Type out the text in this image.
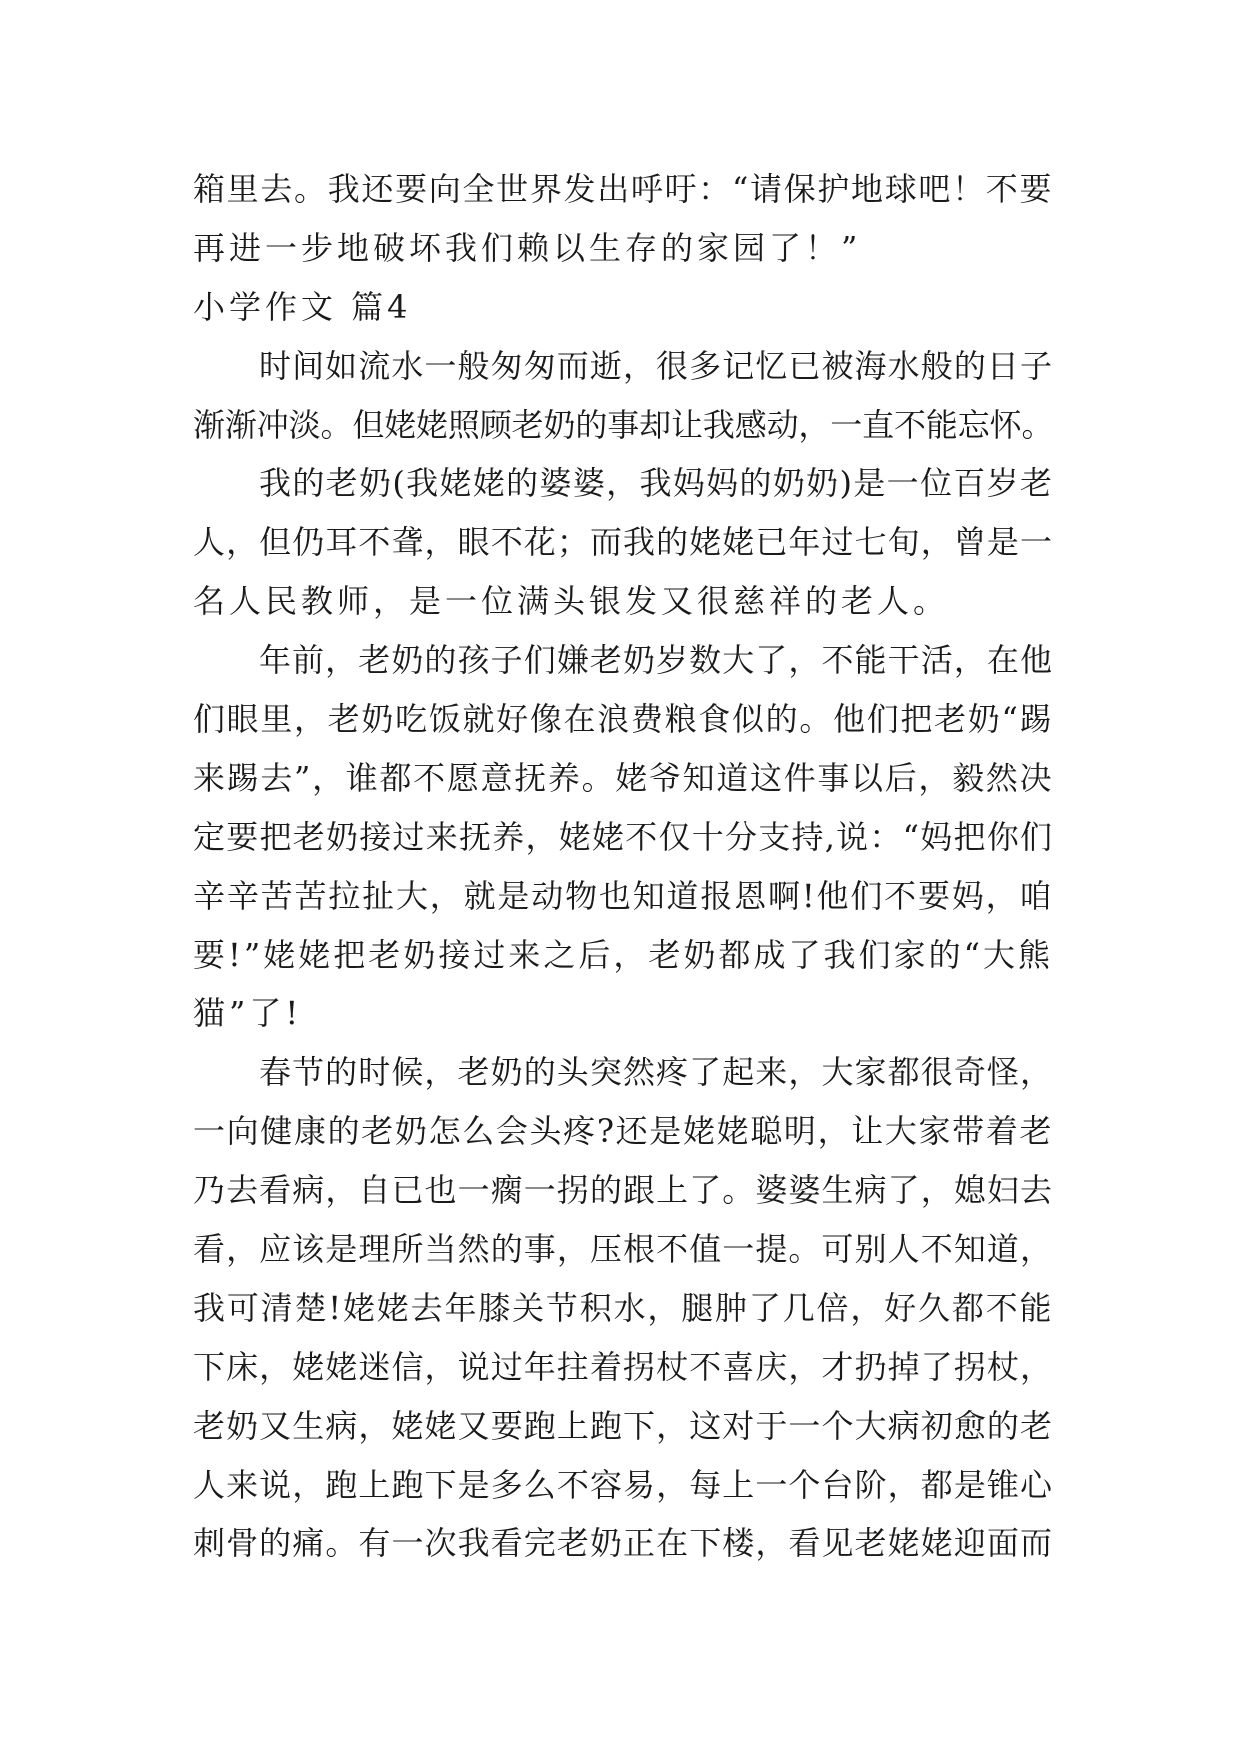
箱里去。我还要向全世界发出呼吁：“请保护地球吧！不要
再进一步地破坏我们赖以生存的家园了！”
小学作文 篇4
时间如流水一般匆匆而逝，很多记忆已被海水般的日子
渐渐冲淡。但姥姥照顾老奶的事却让我感动，一直不能忘怀。
我的老奶(我姥姥的婆婆，我妈妈的奶奶)是一位百岁老
人，但仍耳不聋，眼不花；而我的姥姥已年过七旬，曾是一
名人民教师，是一位满头银发又很慈祥的老人。
年前，老奶的孩子们嫌老奶岁数大了，不能干活，在他
们眼里，老奶吃饭就好像在浪费粮食似的。他们把老奶“踢
来踢去”，谁都不愿意抚养。姥爷知道这件事以后，毅然决
定要把老奶接过来抚养，姥姥不仅十分支持,说：“妈把你们
辛辛苦苦拉扯大，就是动物也知道报恩啊!他们不要妈，咱
要!”姥姥把老奶接过来之后，老奶都成了我们家的“大熊
猫”了!
春节的时候，老奶的头突然疼了起来，大家都很奇怪，
一向健康的老奶怎么会头疼?还是姥姥聪明，让大家带着老
乃去看病，自已也一瘸一拐的跟上了。婆婆生病了，媳妇去
看，应该是理所当然的事，压根不值一提。可别人不知道，
我可清楚!姥姥去年膝关节积水，腿肿了几倍，好久都不能
下床，姥姥迷信，说过年拄着拐杖不喜庆，才扔掉了拐杖，
老奶又生病，姥姥又要跑上跑下，这对于一个大病初愈的老
人来说，跑上跑下是多么不容易，每上一个台阶，都是锥心
刺骨的痛。有一次我看完老奶正在下楼，看见老姥姥迎面而
